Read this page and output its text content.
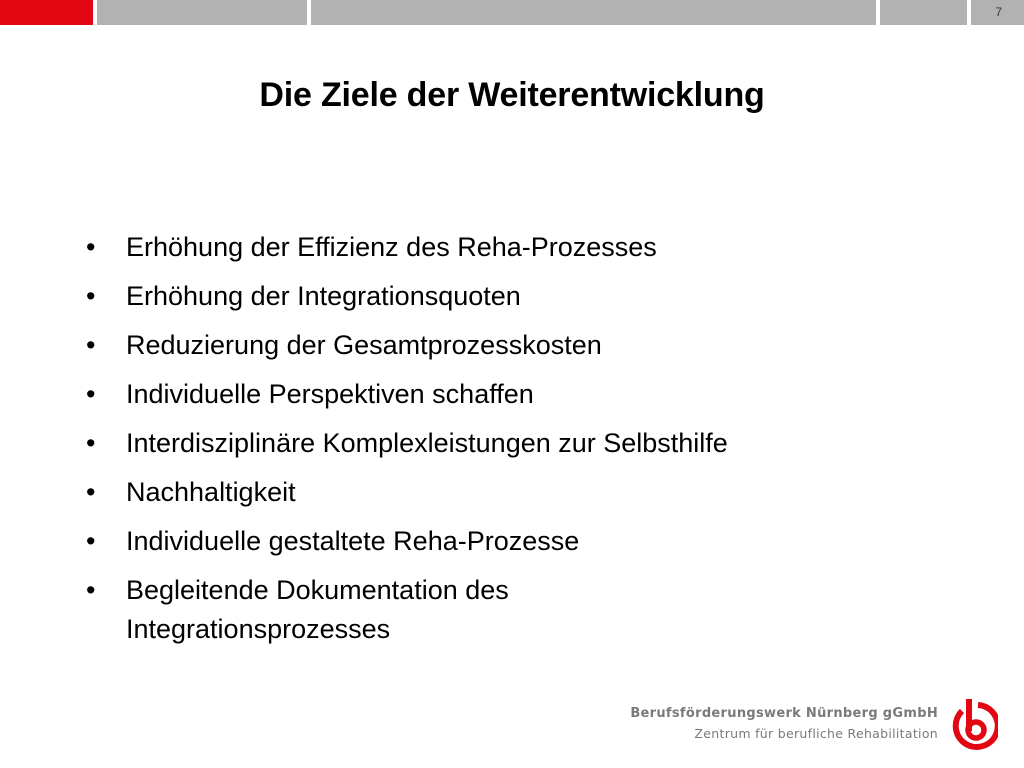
7
Die Ziele der Weiterentwicklung
•	Erhöhung der Effizienz des Reha-Prozesses
•	Erhöhung der Integrationsquoten
•	Reduzierung der Gesamtprozesskosten
•	Individuelle Perspektiven schaffen
•	Interdisziplinäre Komplexleistungen zur Selbsthilfe
•	Nachhaltigkeit
•	Individuelle gestaltete Reha-Prozesse
•	Begleitende Dokumentation des Integrationsprozesses
Berufsförderungswerk Nürnberg gGmbH
Zentrum für berufliche Rehabilitation
